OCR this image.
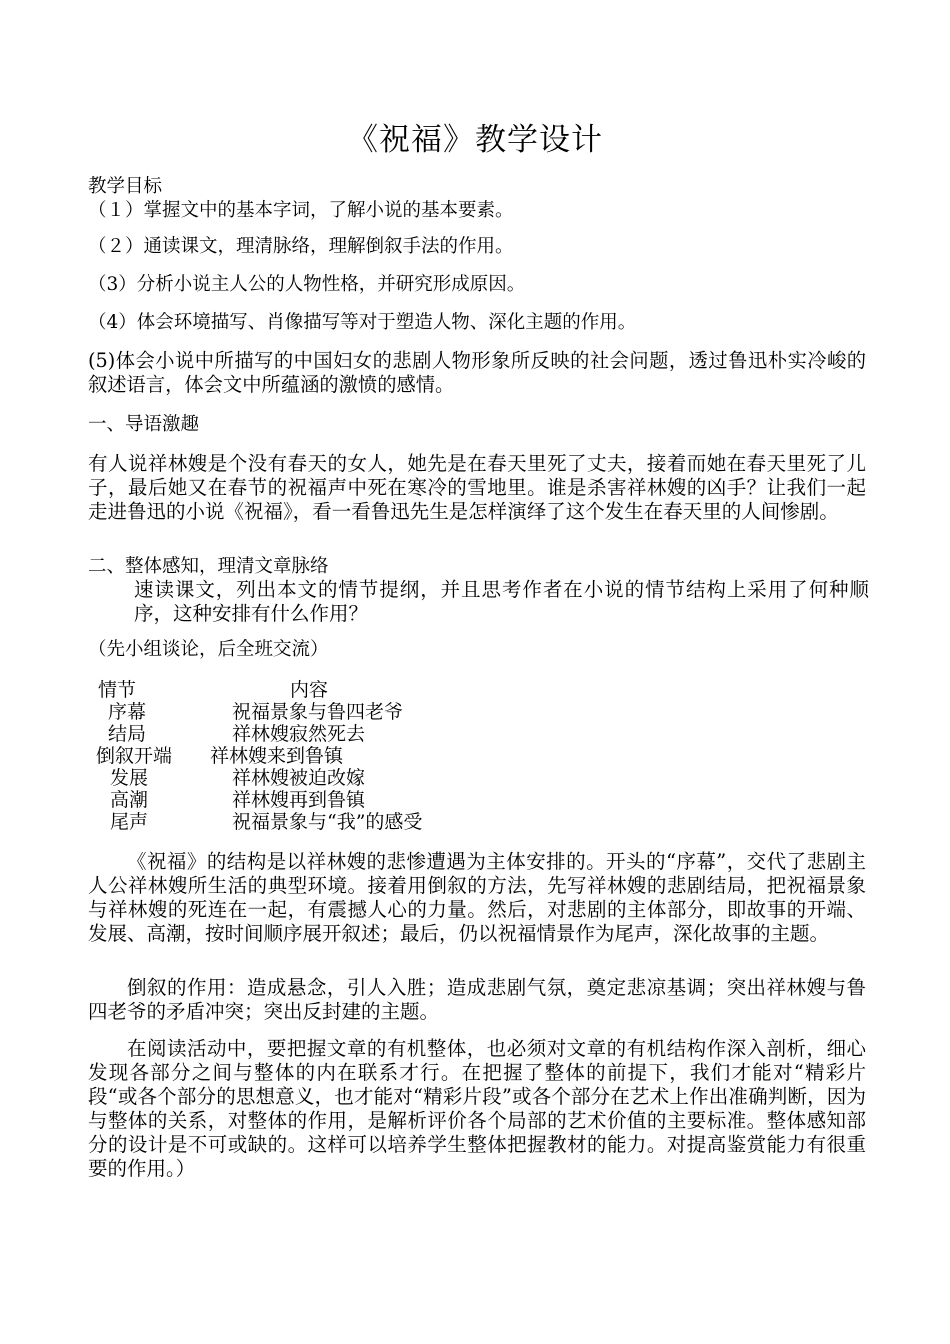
《祝福》教学设计
教学目标
（１）掌握文中的基本字词，了解小说的基本要素。
（２）通读课文，理清脉络，理解倒叙手法的作用。
（3）分析小说主人公的人物性格，并研究形成原因。
（4）体会环境描写、肖像描写等对于塑造人物、深化主题的作用。
(5)体会小说中所描写的中国妇女的悲剧人物形象所反映的社会问题，透过鲁迅朴实冷峻的叙述语言，体会文中所蕴涵的激愤的感情。
一、导语激趣
有人说祥林嫂是个没有春天的女人，她先是在春天里死了丈夫，接着而她在春天里死了儿子，最后她又在春节的祝福声中死在寒冷的雪地里。谁是杀害祥林嫂的凶手？让我们一起走进鲁迅的小说《祝福》，看一看鲁迅先生是怎样演绎了这个发生在春天里的人间惨剧。
二、整体感知，理清文章脉络
速读课文，列出本文的情节提纲，并且思考作者在小说的情节结构上采用了何种顺序，这种安排有什么作用？
（先小组谈论，后全班交流）
情节	内容
序幕	祝福景象与鲁四老爷
结局	祥林嫂寂然死去
倒叙开端 祥林嫂来到鲁镇
发展	祥林嫂被迫改嫁
高潮	祥林嫂再到鲁镇
尾声	祝福景象与“我”的感受
《祝福》的结构是以祥林嫂的悲惨遭遇为主体安排的。开头的“序幕”，交代了悲剧主人公祥林嫂所生活的典型环境。接着用倒叙的方法，先写祥林嫂的悲剧结局，把祝福景象与祥林嫂的死连在一起，有震撼人心的力量。然后，对悲剧的主体部分，即故事的开端、发展、高潮，按时间顺序展开叙述；最后，仍以祝福情景作为尾声，深化故事的主题。
倒叙的作用：造成悬念，引人入胜；造成悲剧气氛，奠定悲凉基调；突出祥林嫂与鲁四老爷的矛盾冲突；突出反封建的主题。
在阅读活动中，要把握文章的有机整体，也必须对文章的有机结构作深入剖析，细心发现各部分之间与整体的内在联系才行。在把握了整体的前提下，我们才能对“精彩片段“或各个部分的思想意义，也才能对“精彩片段”或各个部分在艺术上作出准确判断，因为与整体的关系，对整体的作用，是解析评价各个局部的艺术价值的主要标准。整体感知部分的设计是不可或缺的。这样可以培养学生整体把握教材的能力。对提高鉴赏能力有很重要的作用。）
